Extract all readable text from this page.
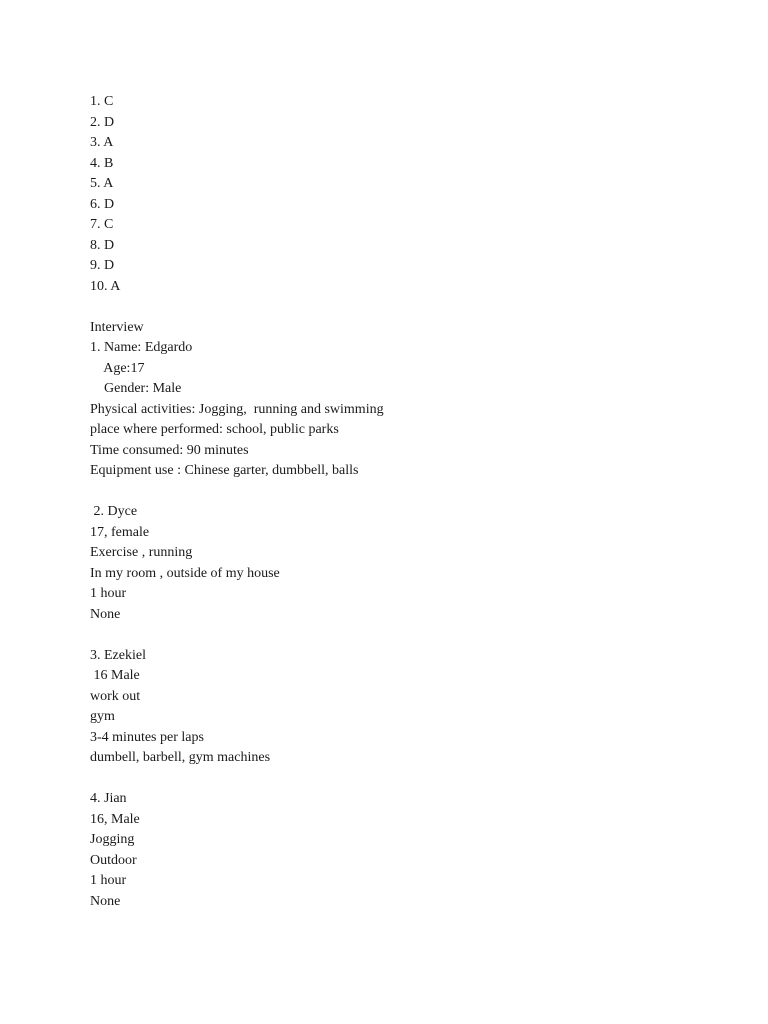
1. C
2. D
3. A
4. B
5. A
6. D
7. C
8. D
9. D
10. A
Interview
1. Name: Edgardo
Age:17
Gender: Male
Physical activities: Jogging,  running and swimming
place where performed: school, public parks
Time consumed: 90 minutes
Equipment use : Chinese garter, dumbbell, balls
2. Dyce
17, female
Exercise , running
In my room , outside of my house
1 hour
None
3. Ezekiel
16 Male
work out
gym
3-4 minutes per laps
dumbell, barbell, gym machines
4. Jian
16, Male
Jogging
Outdoor
1 hour
None
